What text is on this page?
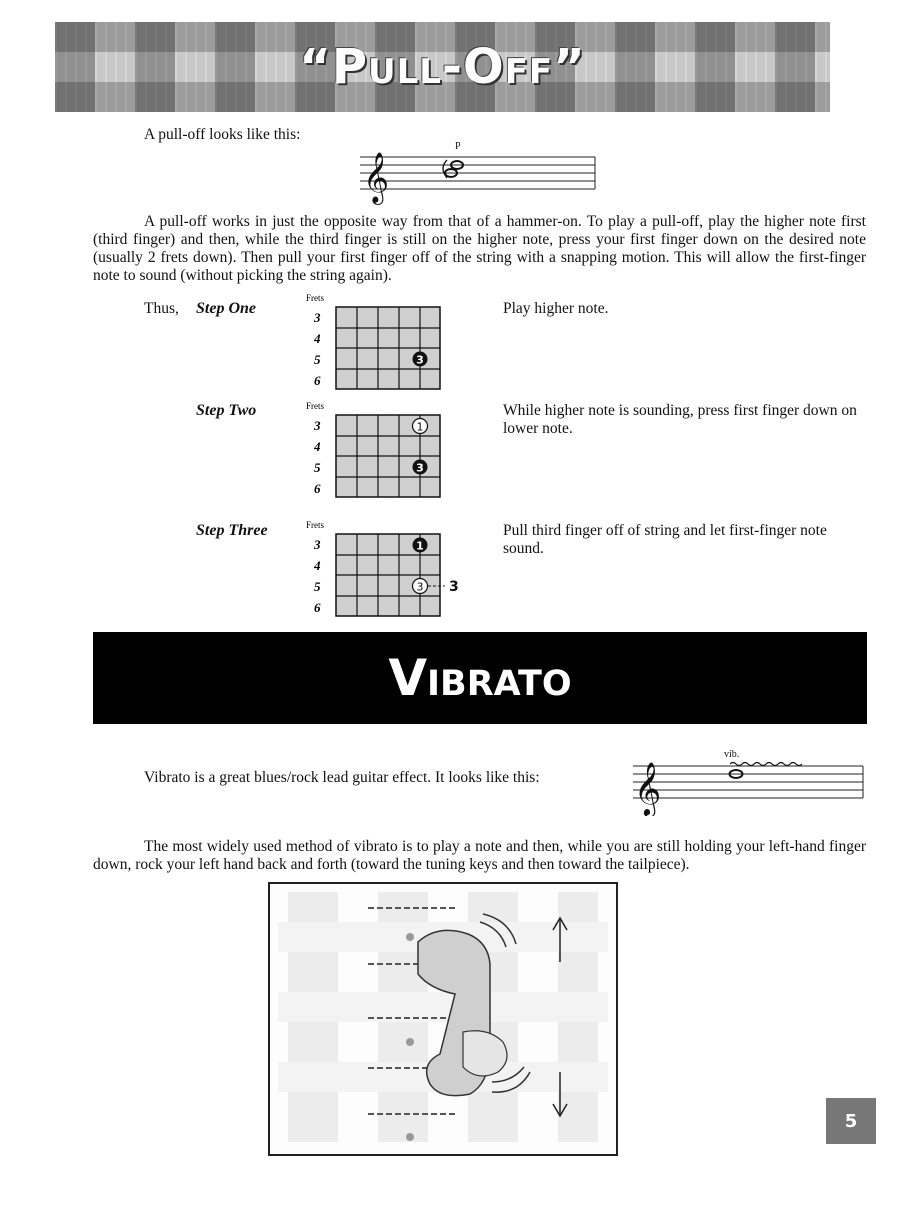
“Pull-Off”
A pull-off looks like this:
𝄞
P
A pull-off works in just the opposite way from that of a hammer-on. To play a pull-off, play the higher note first (third finger) and then, while the third finger is still on the higher note, press your first finger down on the desired note (usually 2 frets down). Then pull your first finger off of the string with a snapping motion. This will allow the first-finger note to sound (without picking the string again).
Thus, Step One	Play higher note.
Frets
3
4
5
6
3
Step Two	While higher note is sounding, press first finger down on lower note.
Frets
3
4
5
6
1
3
Step Three	Pull third finger off of string and let first-finger note sound.
Frets
3
4
5
6
1
3 3
Vibrato
Vibrato is a great blues/rock lead guitar effect. It looks like this: 𝄞
vib.
The most widely used method of vibrato is to play a note and then, while you are still holding your left-hand finger down, rock your left hand back and forth (toward the tuning keys and then toward the tailpiece).
5
